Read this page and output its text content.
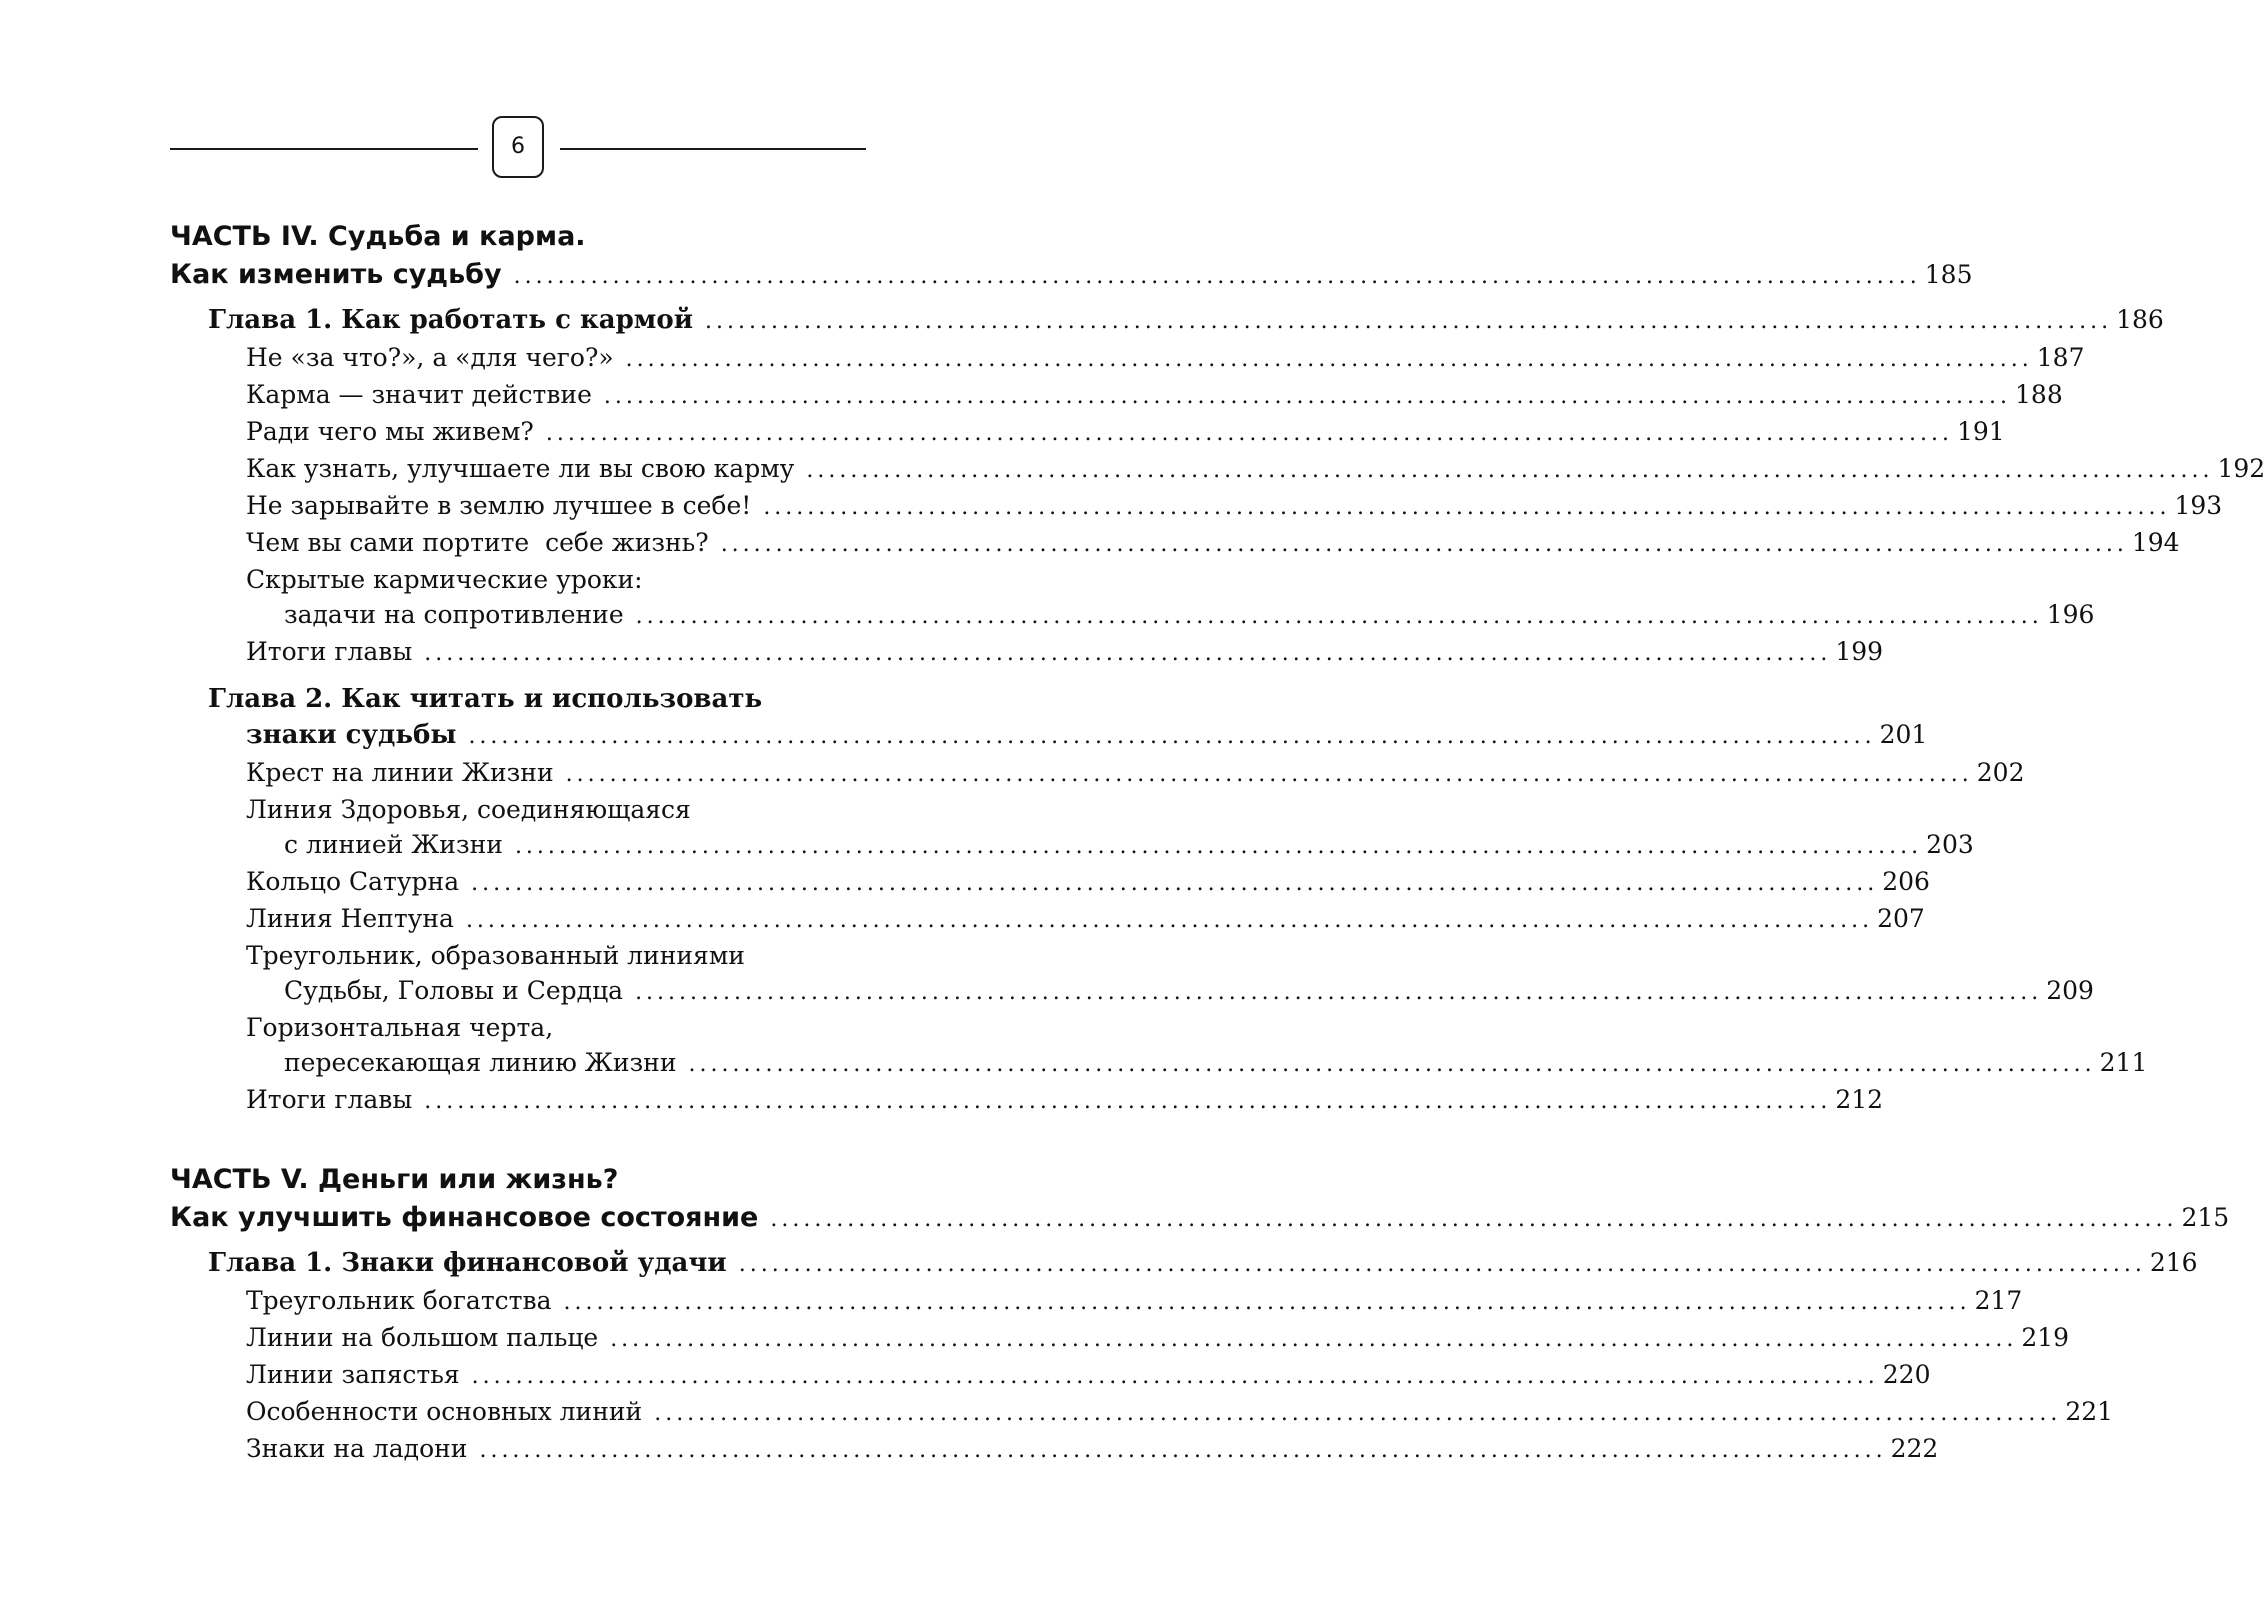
6
ЧАСТЬ IV. Судьба и карма.
Как изменить судьбу ................................................................................................................................ 185
Глава 1. Как работать с кармой ................................................................................................................................ 186
Не «за что?», а «для чего?» ................................................................................................................................ 187
Карма — значит действие ................................................................................................................................ 188
Ради чего мы живем? ................................................................................................................................ 191
Как узнать, улучшаете ли вы свою карму ................................................................................................................................ 192
Не зарывайте в землю лучшее в себе! ................................................................................................................................ 193
Чем вы сами портите  себе жизнь? ................................................................................................................................ 194
Скрытые кармические уроки:
задачи на сопротивление ................................................................................................................................ 196
Итоги главы ................................................................................................................................ 199
Глава 2. Как читать и использовать
знаки судьбы ................................................................................................................................ 201
Крест на линии Жизни ................................................................................................................................ 202
Линия Здоровья, соединяющаяся
с линией Жизни ................................................................................................................................ 203
Кольцо Сатурна ................................................................................................................................ 206
Линия Нептуна ................................................................................................................................ 207
Треугольник, образованный линиями
Судьбы, Головы и Сердца ................................................................................................................................ 209
Горизонтальная черта,
пересекающая линию Жизни ................................................................................................................................ 211
Итоги главы ................................................................................................................................ 212
ЧАСТЬ V. Деньги или жизнь?
Как улучшить финансовое состояние ................................................................................................................................ 215
Глава 1. Знаки финансовой удачи ................................................................................................................................ 216
Треугольник богатства ................................................................................................................................ 217
Линии на большом пальце ................................................................................................................................ 219
Линии запястья ................................................................................................................................ 220
Особенности основных линий ................................................................................................................................ 221
Знаки на ладони ................................................................................................................................ 222
